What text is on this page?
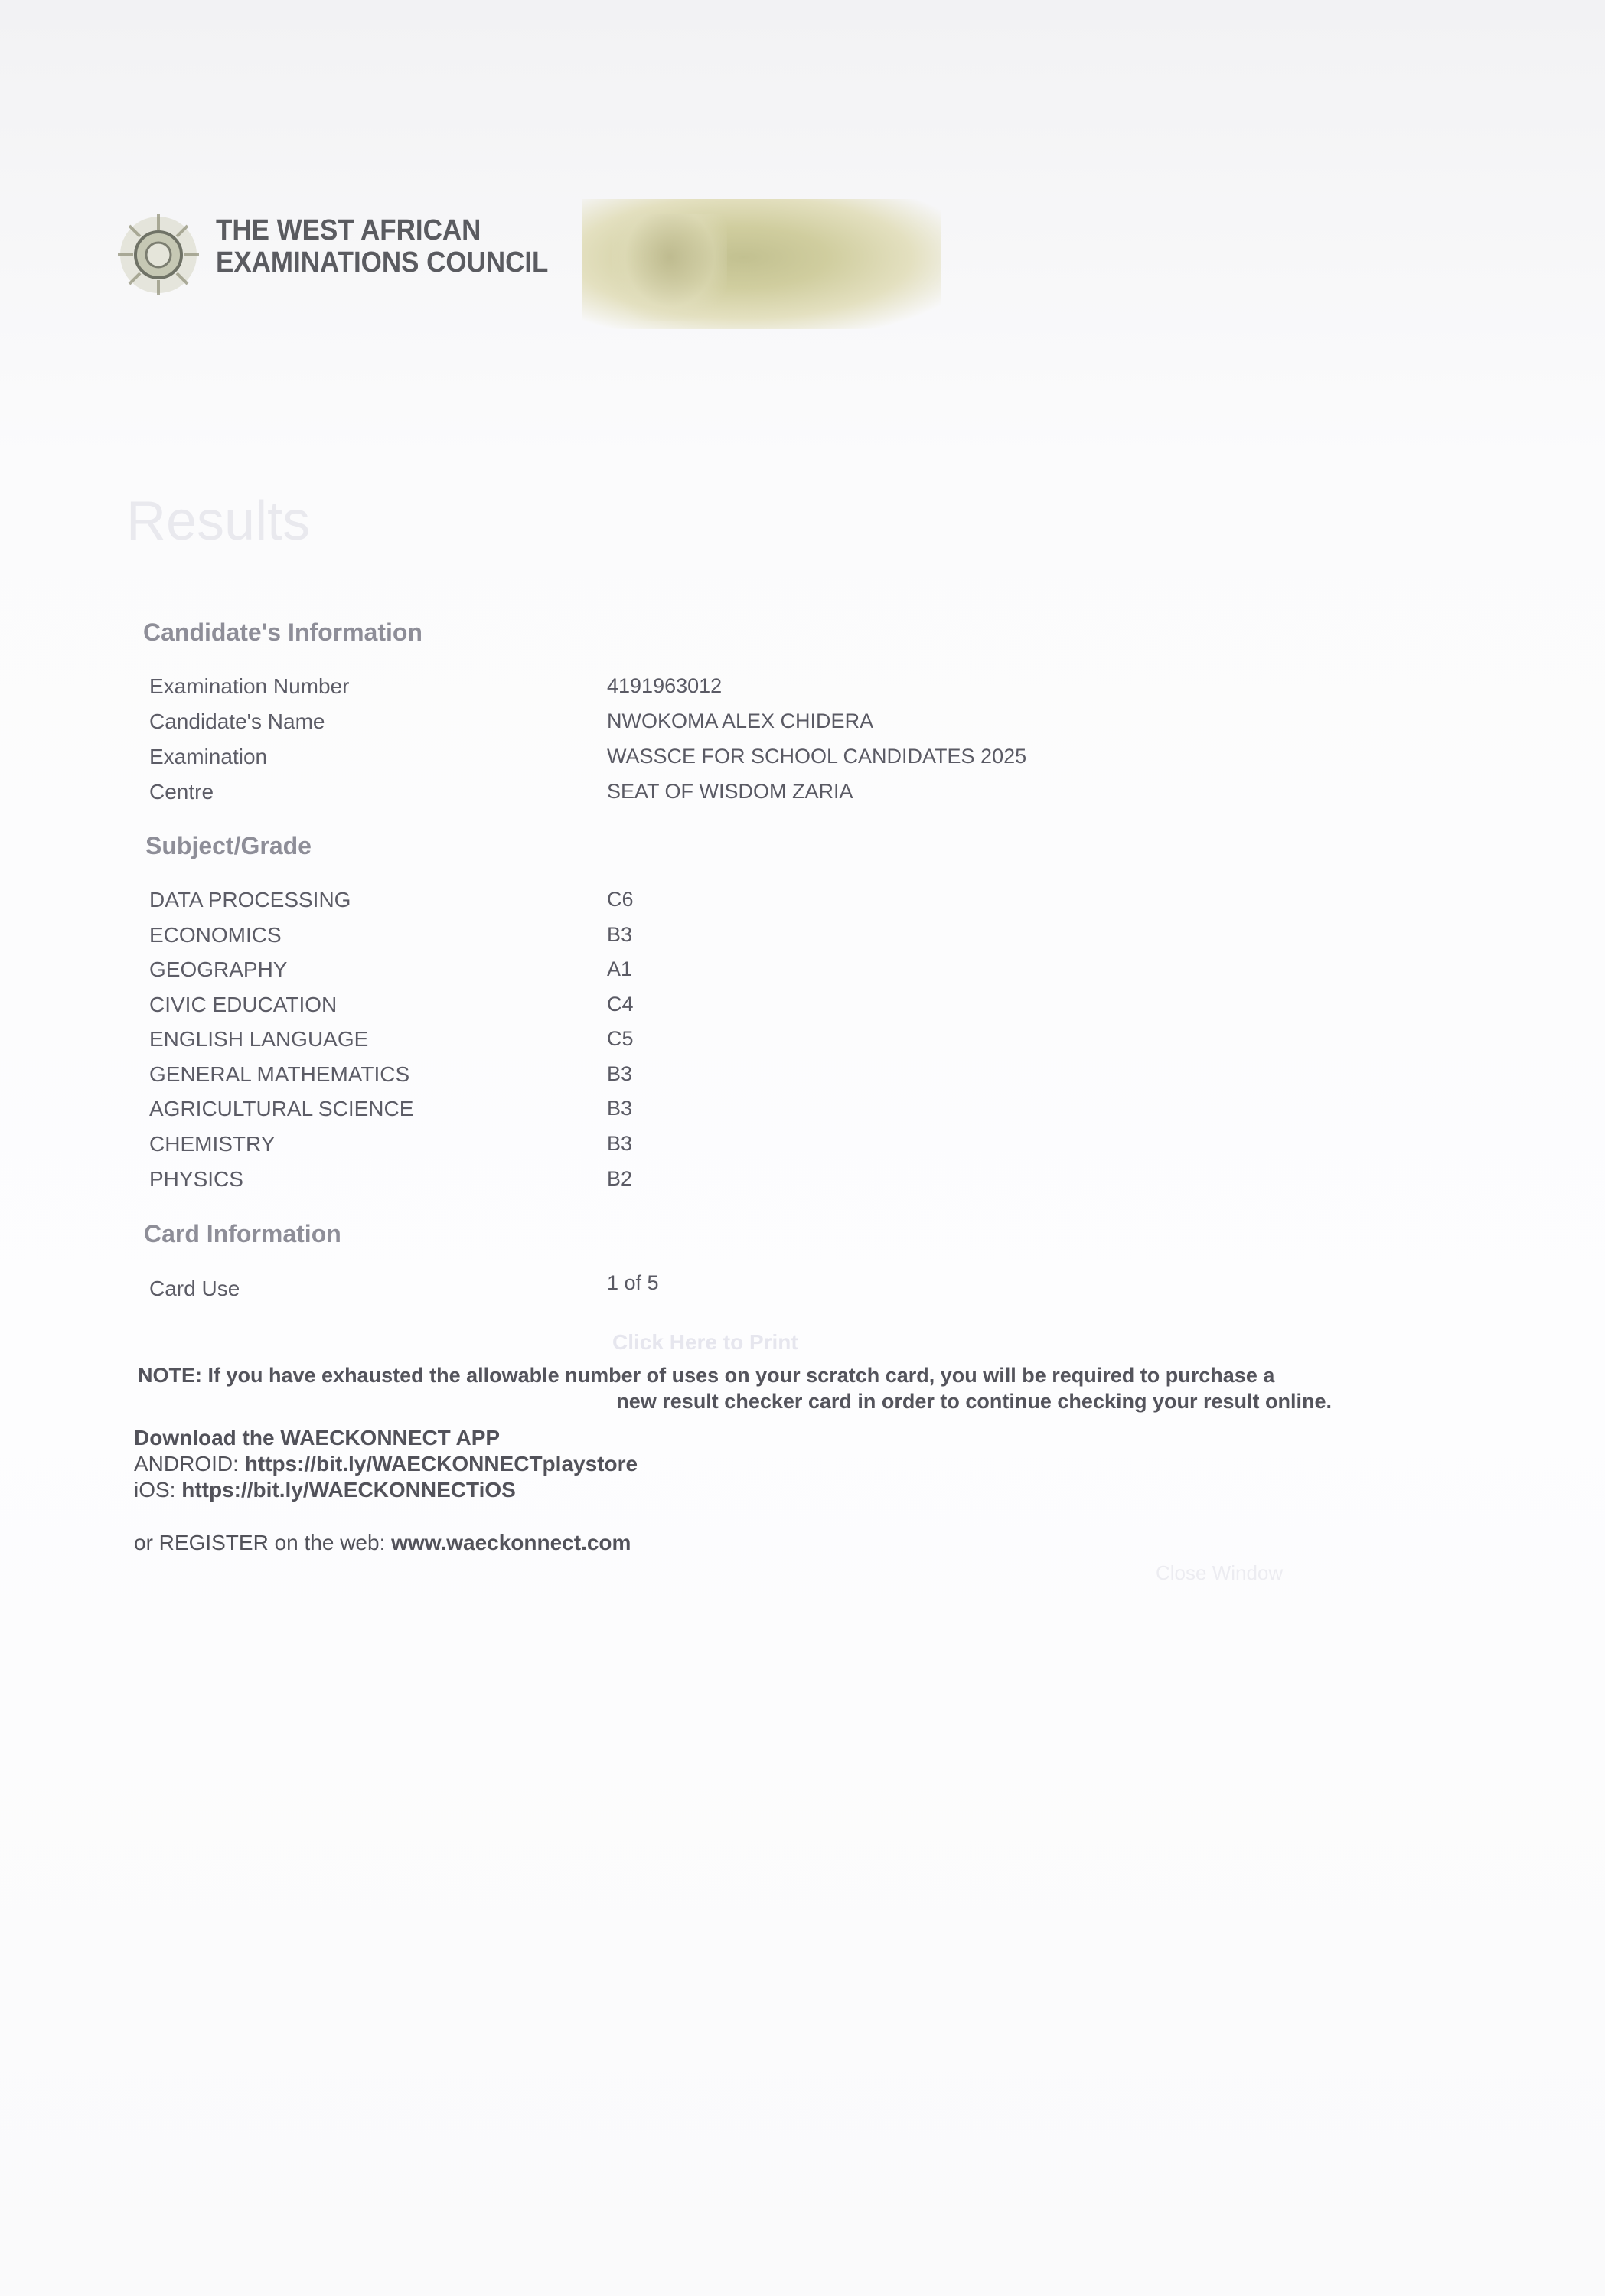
THE WEST AFRICAN
EXAMINATIONS COUNCIL
Results
Candidate's Information
Examination Number	4191963012
Candidate's Name	NWOKOMA ALEX CHIDERA
Examination	WASSCE FOR SCHOOL CANDIDATES 2025
Centre	SEAT OF WISDOM ZARIA
Subject/Grade
DATA PROCESSING	C6
ECONOMICS	B3
GEOGRAPHY	A1
CIVIC EDUCATION	C4
ENGLISH LANGUAGE	C5
GENERAL MATHEMATICS	B3
AGRICULTURAL SCIENCE	B3
CHEMISTRY	B3
PHYSICS	B2
Card Information
Card Use	1 of 5
Click Here to Print
NOTE: If you have exhausted the allowable number of uses on your scratch card, you will be required to purchase a
new result checker card in order to continue checking your result online.
Download the WAECKONNECT APP
ANDROID: https://bit.ly/WAECKONNECTplaystore
iOS: https://bit.ly/WAECKONNECTiOS
or REGISTER on the web: www.waeckonnect.com
Close Window
